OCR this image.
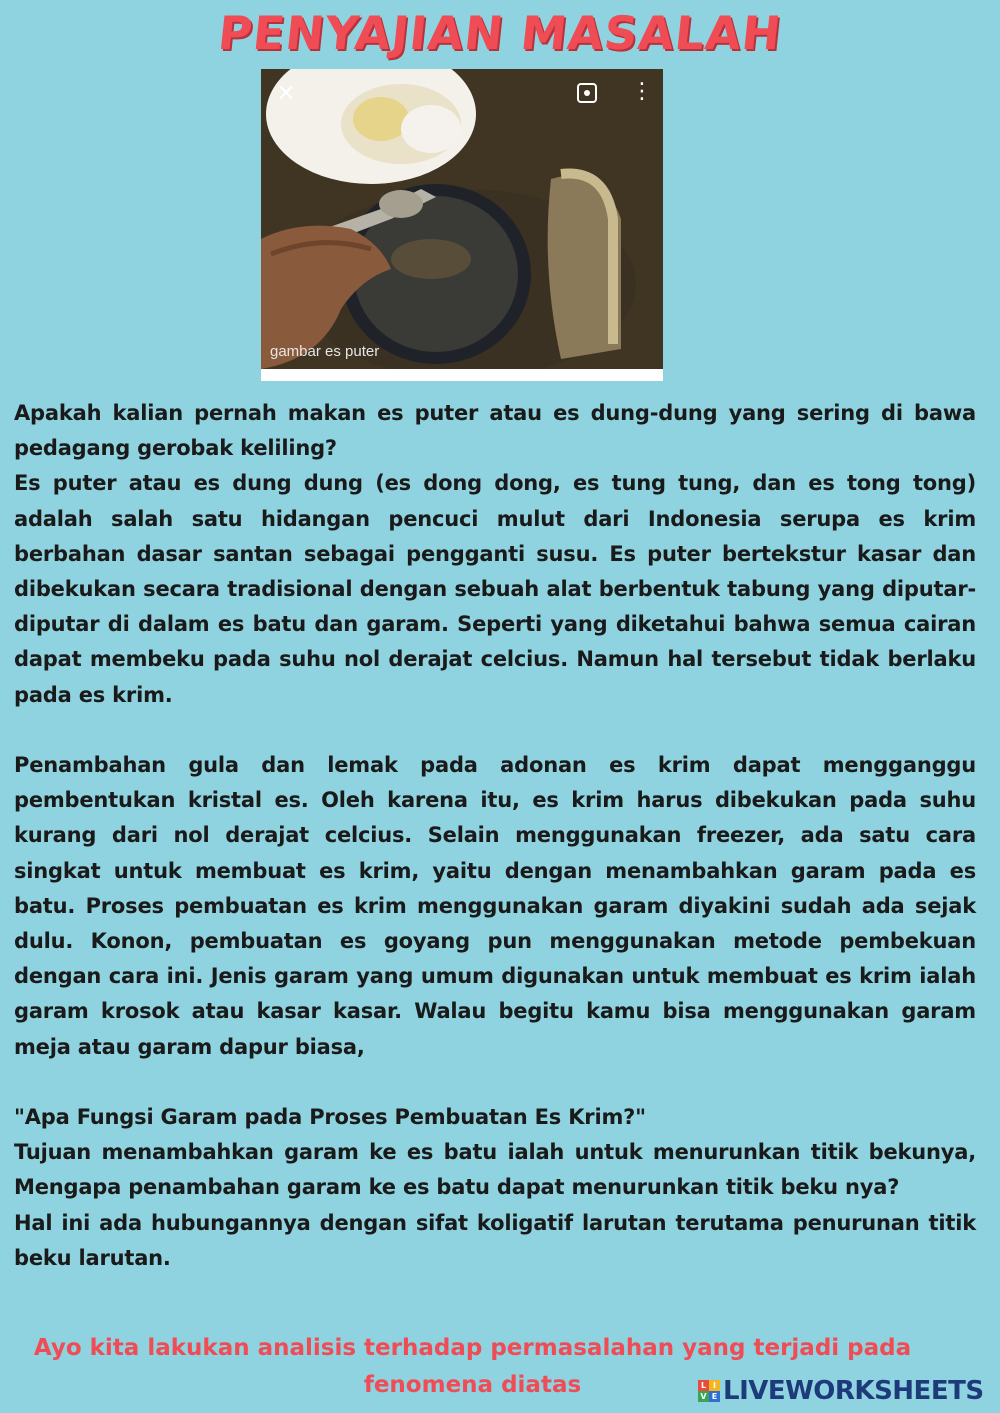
PENYAJIAN MASALAH
×	⋮
gambar es puter

Apakah kalian pernah makan es puter atau es dung-dung yang sering di bawa pedagang gerobak keliling?

Es puter atau es dung dung (es dong dong, es tung tung, dan es tong tong) adalah salah satu hidangan pencuci mulut dari Indonesia serupa es krim berbahan dasar santan sebagai pengganti susu. Es puter bertekstur kasar dan dibekukan secara tradisional dengan sebuah alat berbentuk tabung yang diputar-diputar di dalam es batu dan garam. Seperti yang diketahui bahwa semua cairan dapat membeku pada suhu nol derajat celcius. Namun hal tersebut tidak berlaku pada es krim.

Penambahan gula dan lemak pada adonan es krim dapat mengganggu pembentukan kristal es. Oleh karena itu, es krim harus dibekukan pada suhu kurang dari nol derajat celcius. Selain menggunakan freezer, ada satu cara singkat untuk membuat es krim, yaitu dengan menambahkan garam pada es batu. Proses pembuatan es krim menggunakan garam diyakini sudah ada sejak dulu. Konon, pembuatan es goyang pun menggunakan metode pembekuan dengan cara ini. Jenis garam yang umum digunakan untuk membuat es krim ialah garam krosok atau kasar kasar. Walau begitu kamu bisa menggunakan garam meja atau garam dapur biasa,

"Apa Fungsi Garam pada Proses Pembuatan Es Krim?"

Tujuan menambahkan garam ke es batu ialah untuk menurunkan titik bekunya, Mengapa penambahan garam ke es batu dapat menurunkan titik beku nya?

Hal ini ada hubungannya dengan sifat koligatif larutan terutama penurunan titik beku larutan.

Ayo kita lakukan analisis terhadap permasalahan yang terjadi pada
fenomena diatas	L I
V E LIVEWORKSHEETS
